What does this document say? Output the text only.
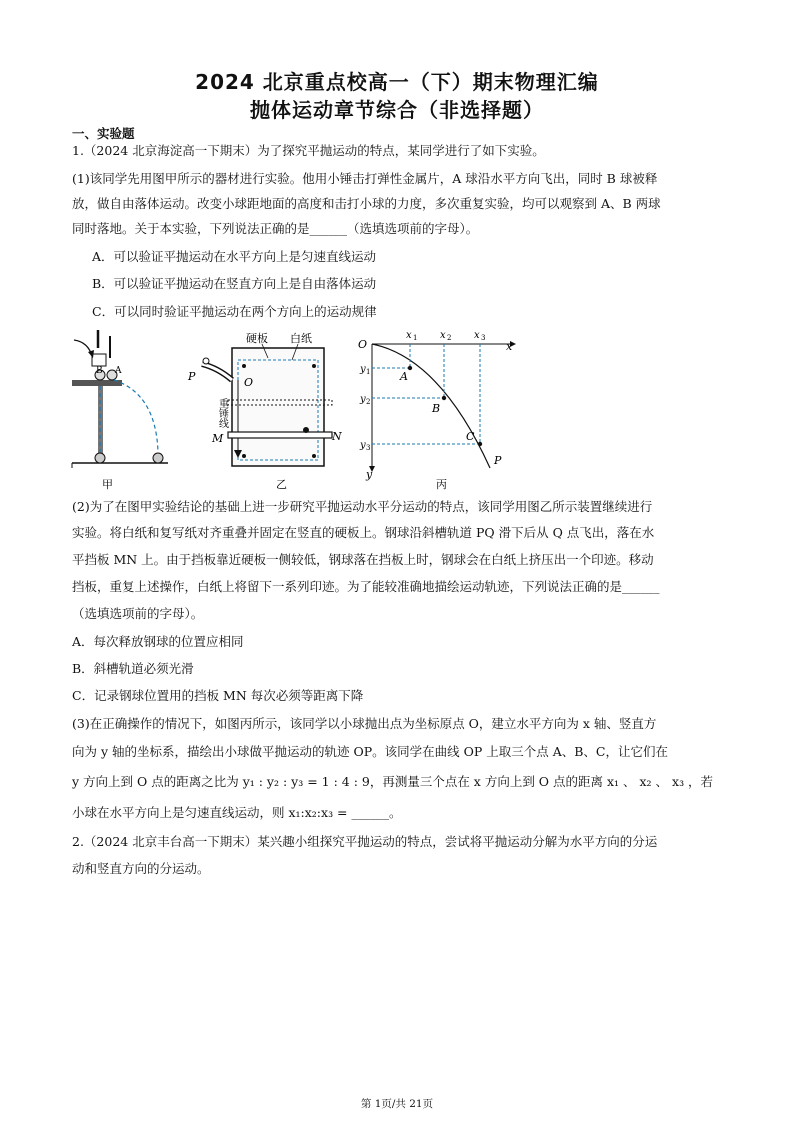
2024 北京重点校高一（下）期末物理汇编
抛体运动章节综合（非选择题）
一、实验题
1.（2024 北京海淀高一下期末）为了探究平抛运动的特点，某同学进行了如下实验。
(1)该同学先用图甲所示的器材进行实验。他用小锤击打弹性金属片，A 球沿水平方向飞出，同时 B 球被释
放，做自由落体运动。改变小球距地面的高度和击打小球的力度，多次重复实验，均可以观察到 A、B 两球
同时落地。关于本实验，下列说法正确的是______（选填选项前的字母）。
A．可以验证平抛运动在水平方向上是匀速直线运动
B．可以验证平抛运动在竖直方向上是自由落体运动
C．可以同时验证平抛运动在两个方向上的运动规律
B A
甲
硬板 白纸
P	O
重锤线
M	N
乙
O	x
y
x 1 x 2 x 3
y 1
y 2
y 3
A
B
C
P
丙
(2)为了在图甲实验结论的基础上进一步研究平抛运动水平分运动的特点，该同学用图乙所示装置继续进行
实验。将白纸和复写纸对齐重叠并固定在竖直的硬板上。钢球沿斜槽轨道 PQ 滑下后从 Q 点飞出，落在水
平挡板 MN 上。由于挡板靠近硬板一侧较低，钢球落在挡板上时，钢球会在白纸上挤压出一个印迹。移动
挡板，重复上述操作，白纸上将留下一系列印迹。为了能较准确地描绘运动轨迹，下列说法正确的是______
（选填选项前的字母）。
A．每次释放钢球的位置应相同
B．斜槽轨道必须光滑
C．记录钢球位置用的挡板 MN 每次必须等距离下降
(3)在正确操作的情况下，如图丙所示，该同学以小球抛出点为坐标原点 O，建立水平方向为 x 轴、竖直方
向为 y 轴的坐标系，描绘出小球做平抛运动的轨迹 OP。该同学在曲线 OP 上取三个点 A、B、C，让它们在
y 方向上到 O 点的距离之比为 y₁ : y₂ : y₃ = 1 : 4 : 9，再测量三个点在 x 方向上到 O 点的距离 x₁ 、 x₂ 、 x₃ ，若
小球在水平方向上是匀速直线运动，则 x₁:x₂:x₃ = ______。
2.（2024 北京丰台高一下期末）某兴趣小组探究平抛运动的特点，尝试将平抛运动分解为水平方向的分运
动和竖直方向的分运动。
第 1页/共 21页
